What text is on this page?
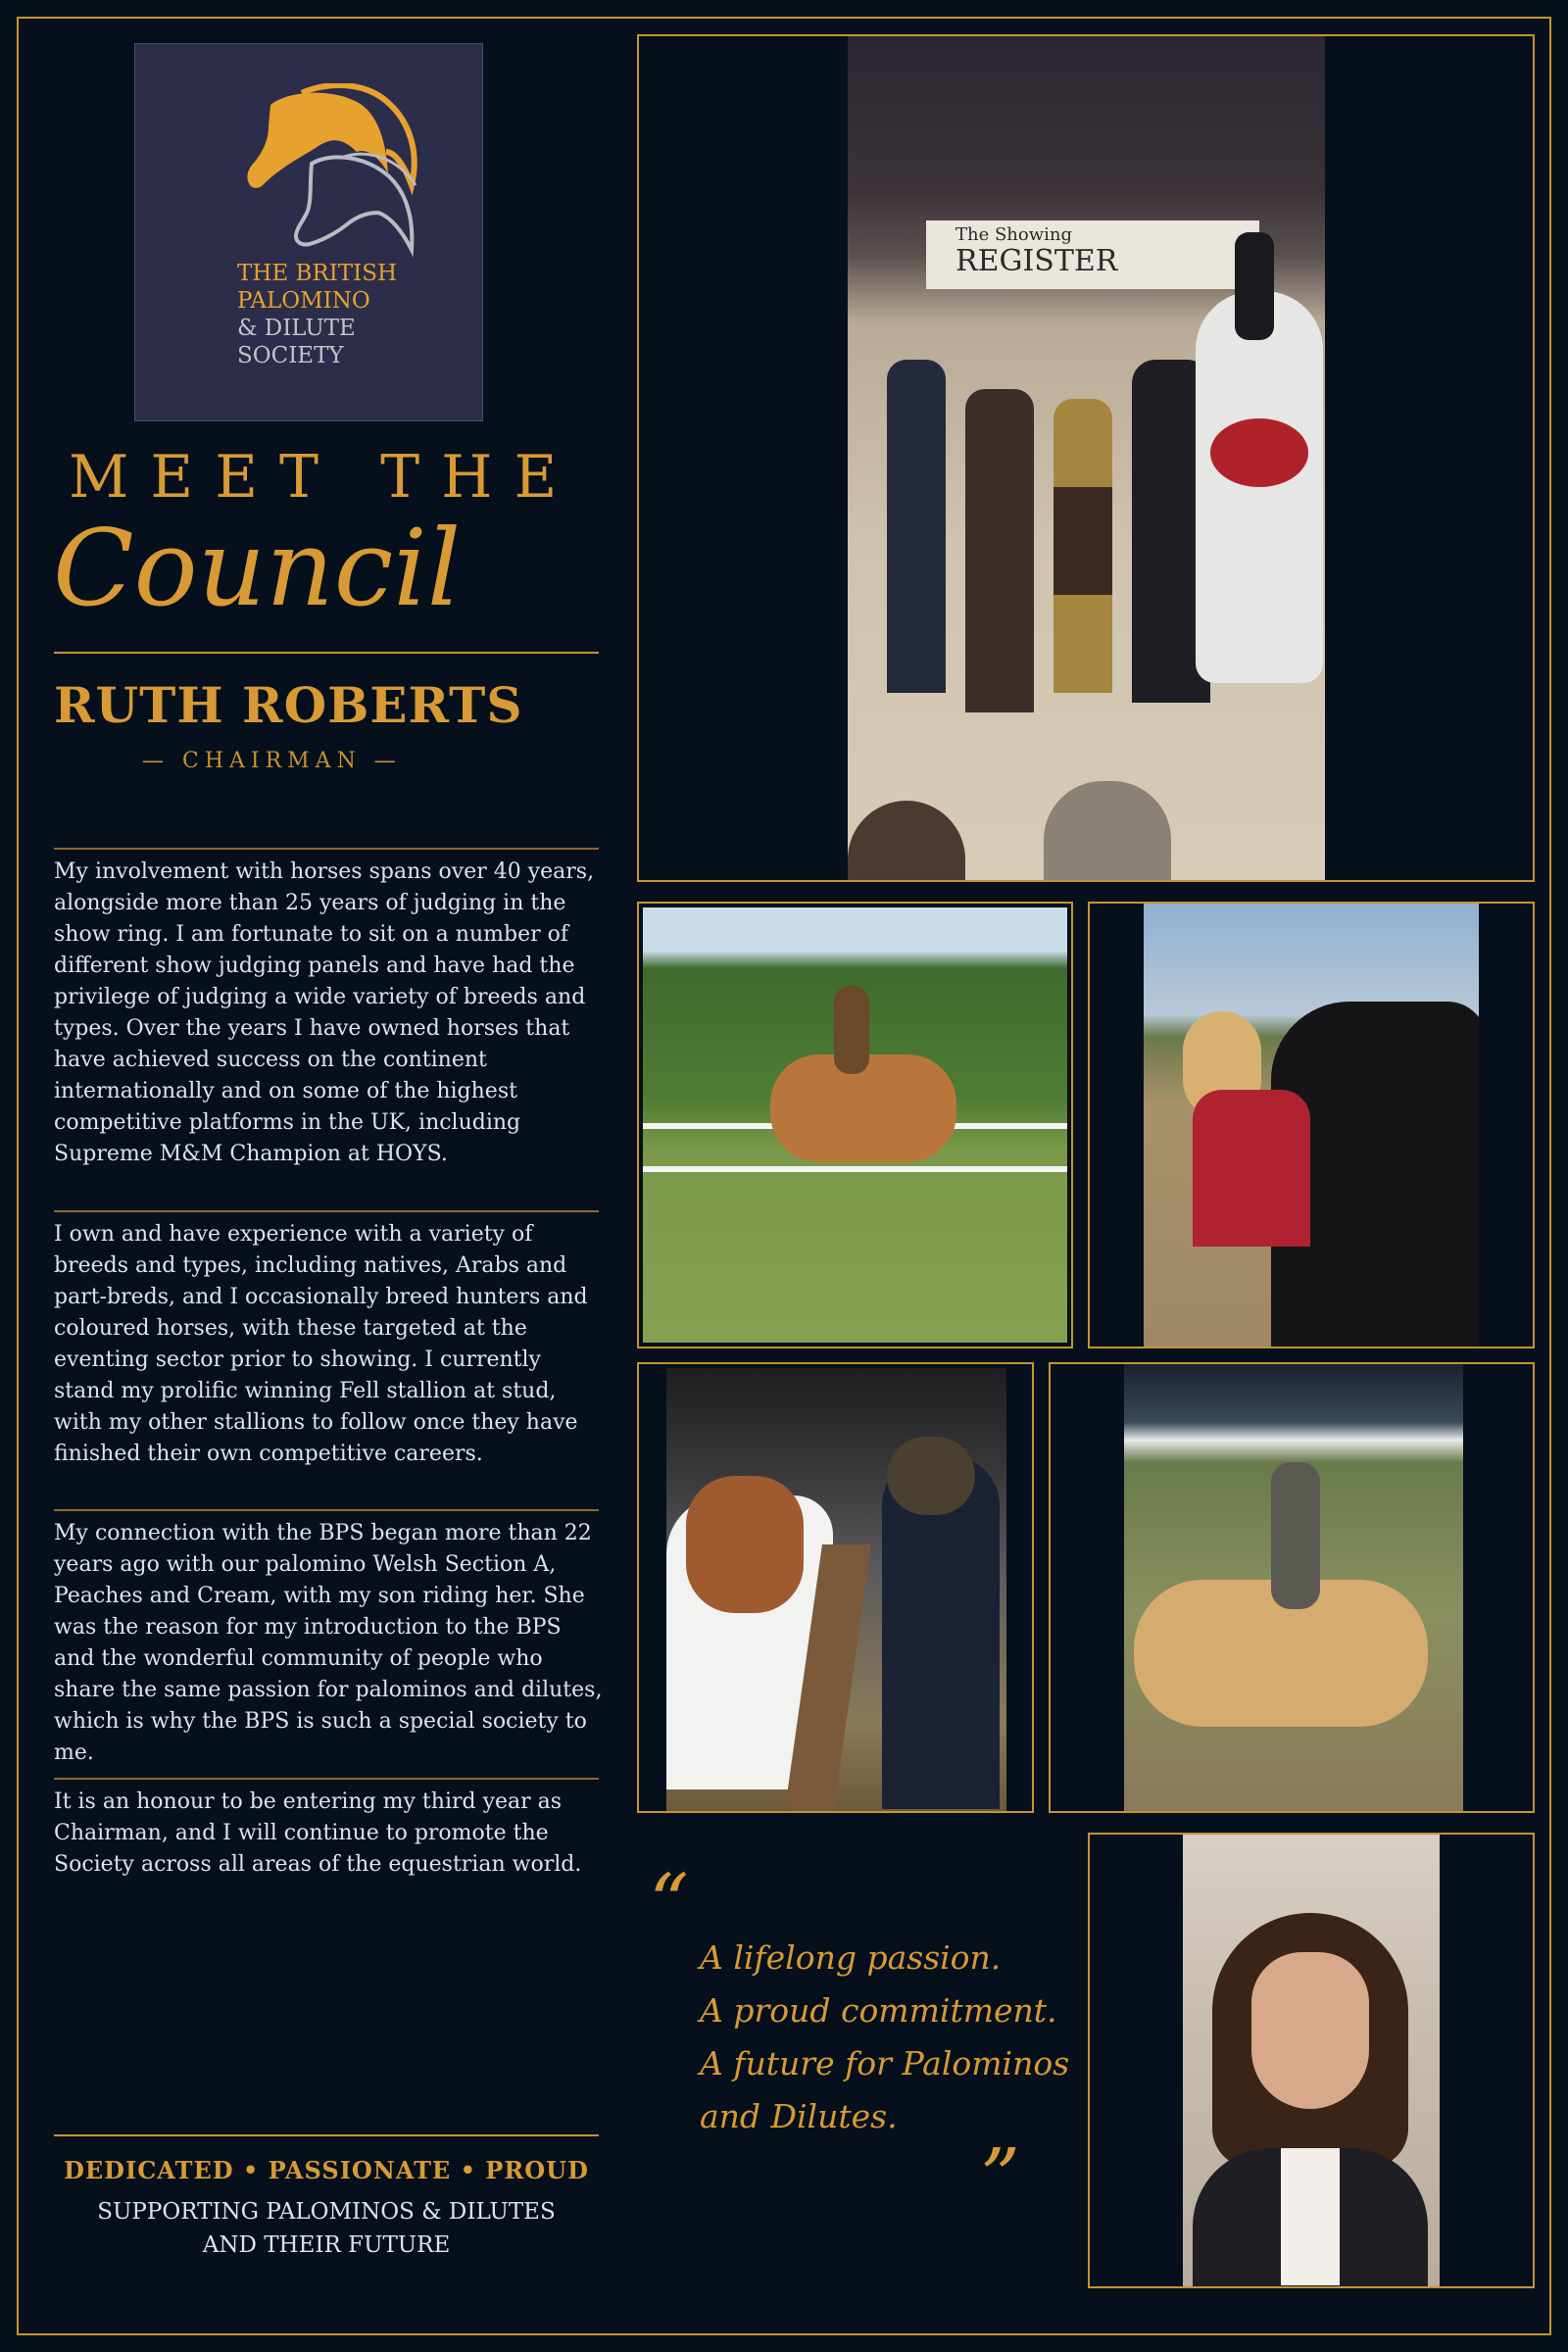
THE BRITISH
PALOMINO
& DILUTE
SOCIETY
MEET THE
Council
RUTH ROBERTS
— CHAIRMAN —
My involvement with horses spans over 40 years, alongside more than 25 years of judging in the show ring. I am fortunate to sit on a number of different show judging panels and have had the privilege of judging a wide variety of breeds and types. Over the years I have owned horses that have achieved success on the continent internationally and on some of the highest competitive platforms in the UK, including Supreme M&M Champion at HOYS.
I own and have experience with a variety of breeds and types, including natives, Arabs and part-breds, and I occasionally breed hunters and coloured horses, with these targeted at the eventing sector prior to showing. I currently stand my prolific winning Fell stallion at stud, with my other stallions to follow once they have finished their own competitive careers.
My connection with the BPS began more than 22 years ago with our palomino Welsh Section A, Peaches and Cream, with my son riding her. She was the reason for my introduction to the BPS and the wonderful community of people who share the same passion for palominos and dilutes, which is why the BPS is such a special society to me.
It is an honour to be entering my third year as Chairman, and I will continue to promote the Society across all areas of the equestrian world.
DEDICATED • PASSIONATE • PROUD
SUPPORTING PALOMINOS & DILUTES
AND THEIR FUTURE
The Showing
REGISTER
“
A lifelong passion.
A proud commitment.
A future for Palominos
and Dilutes.
”
